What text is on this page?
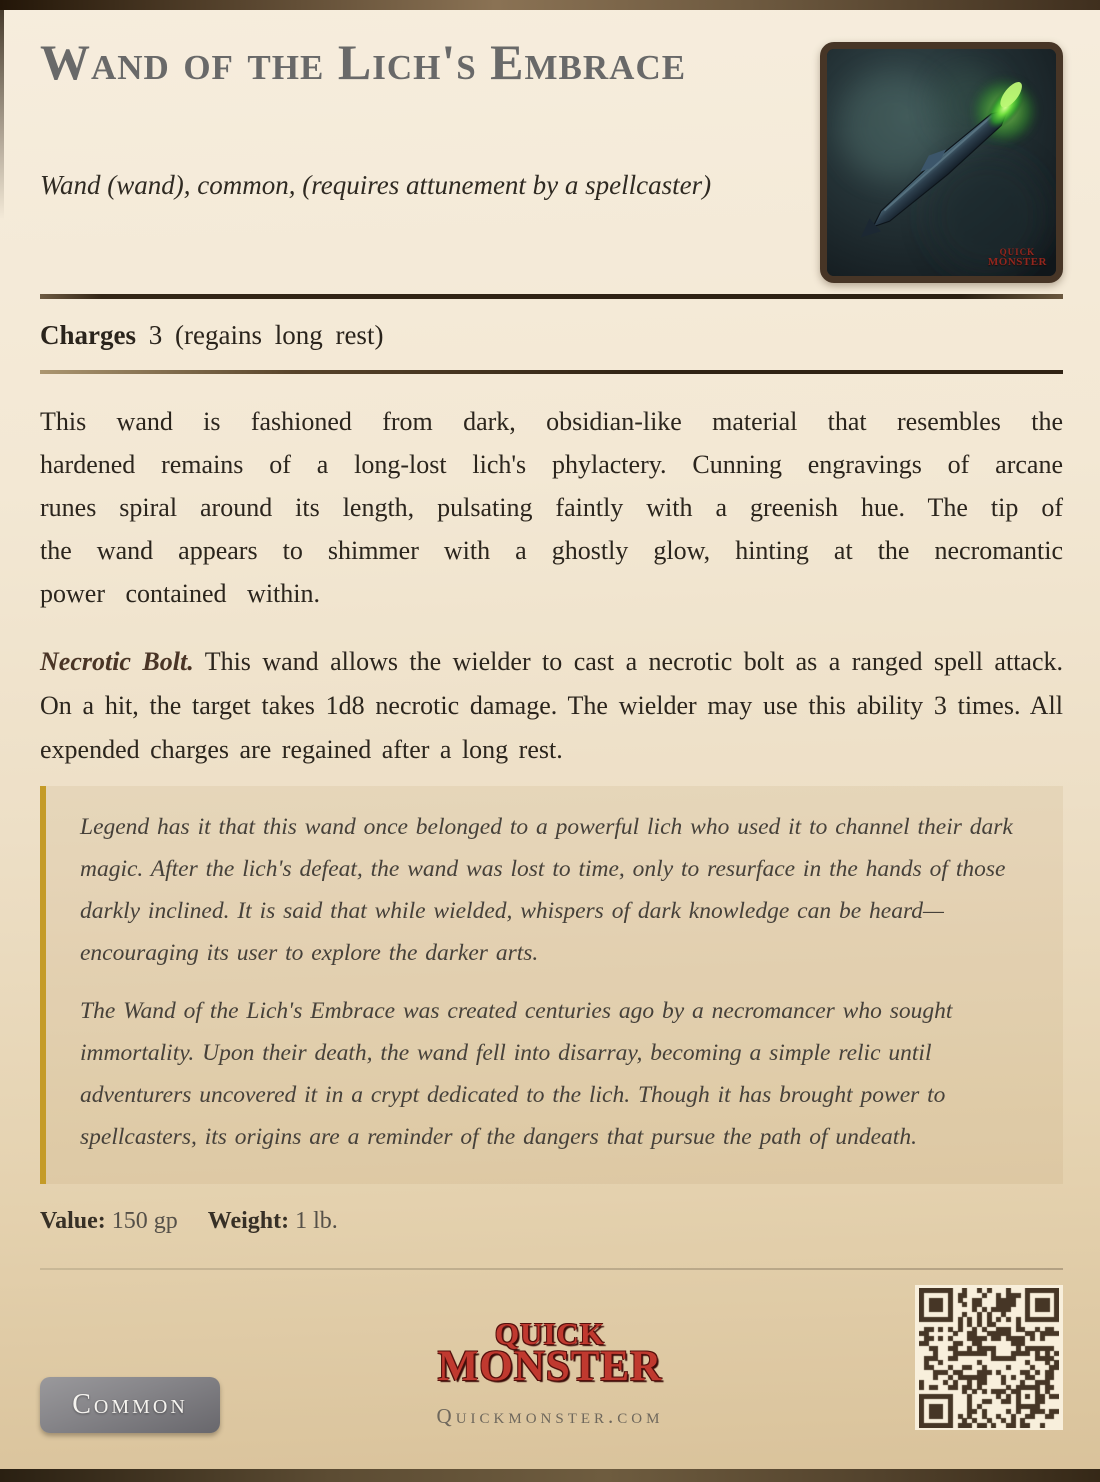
Wand of the Lich's Embrace
Wand (wand), common, (requires attunement by a spellcaster)
QUICK
MONSTER

Charges 3 (regains long rest)

This wand is fashioned from dark, obsidian-like material that resembles the hardened remains of a long-lost lich's phylactery. Cunning engravings of arcane runes spiral around its length, pulsating faintly with a greenish hue. The tip of the wand appears to shimmer with a ghostly glow, hinting at the necromantic power contained within.

Necrotic Bolt. This wand allows the wielder to cast a necrotic bolt as a ranged spell attack. On a hit, the target takes 1d8 necrotic damage. The wielder may use this ability 3 times. All expended charges are regained after a long rest.

Legend has it that this wand once belonged to a powerful lich who used it to channel their dark magic. After the lich's defeat, the wand was lost to time, only to resurface in the hands of those darkly inclined. It is said that while wielded, whispers of dark knowledge can be heard—encouraging its user to explore the darker arts.

The Wand of the Lich's Embrace was created centuries ago by a necromancer who sought immortality. Upon their death, the wand fell into disarray, becoming a simple relic until adventurers uncovered it in a crypt dedicated to the lich. Though it has brought power to spellcasters, its origins are a reminder of the dangers that pursue the path of undeath.

Value: 150 gp Weight: 1 lb.

Common
QUICK
MONSTER
Quickmonster.com
